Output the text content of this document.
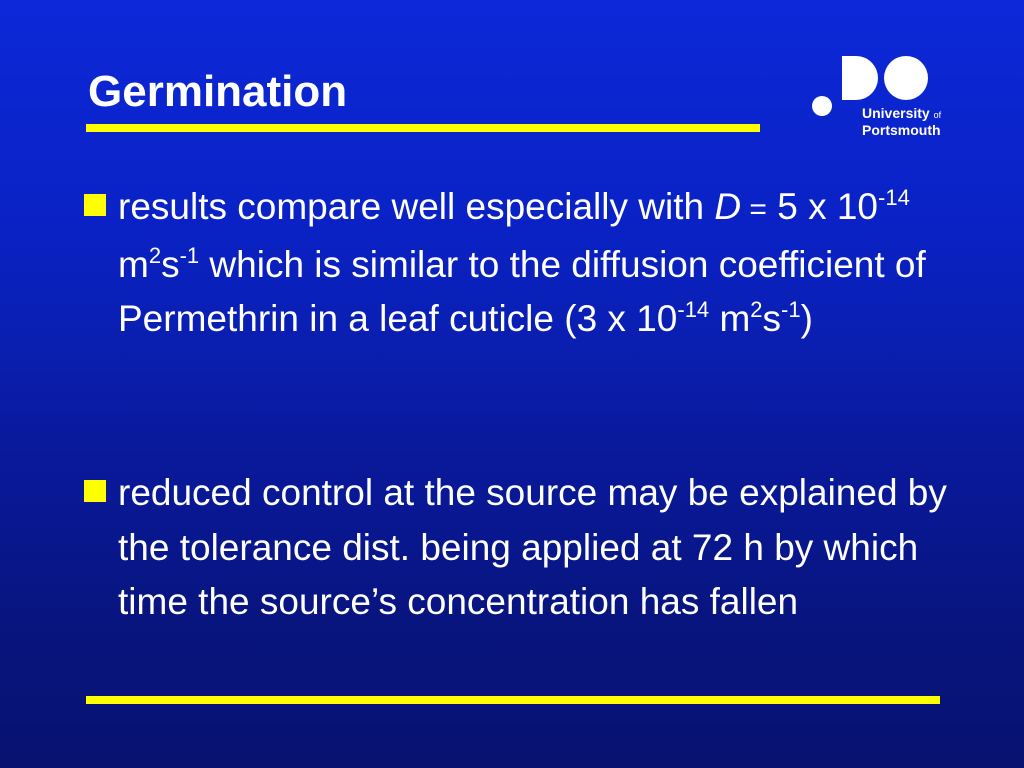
Germination	University of
Portsmouth
results compare well especially with D = 5 x $10^{-14}$ $m^2s^{-1}$ which is similar to the diffusion coefficient of Permethrin in a leaf cuticle (3 x $10^{-14}$ $m^2s^{-1}$)
reduced control at the source may be explained by the tolerance dist. being applied at 72 h by which time the source’s concentration has fallen
